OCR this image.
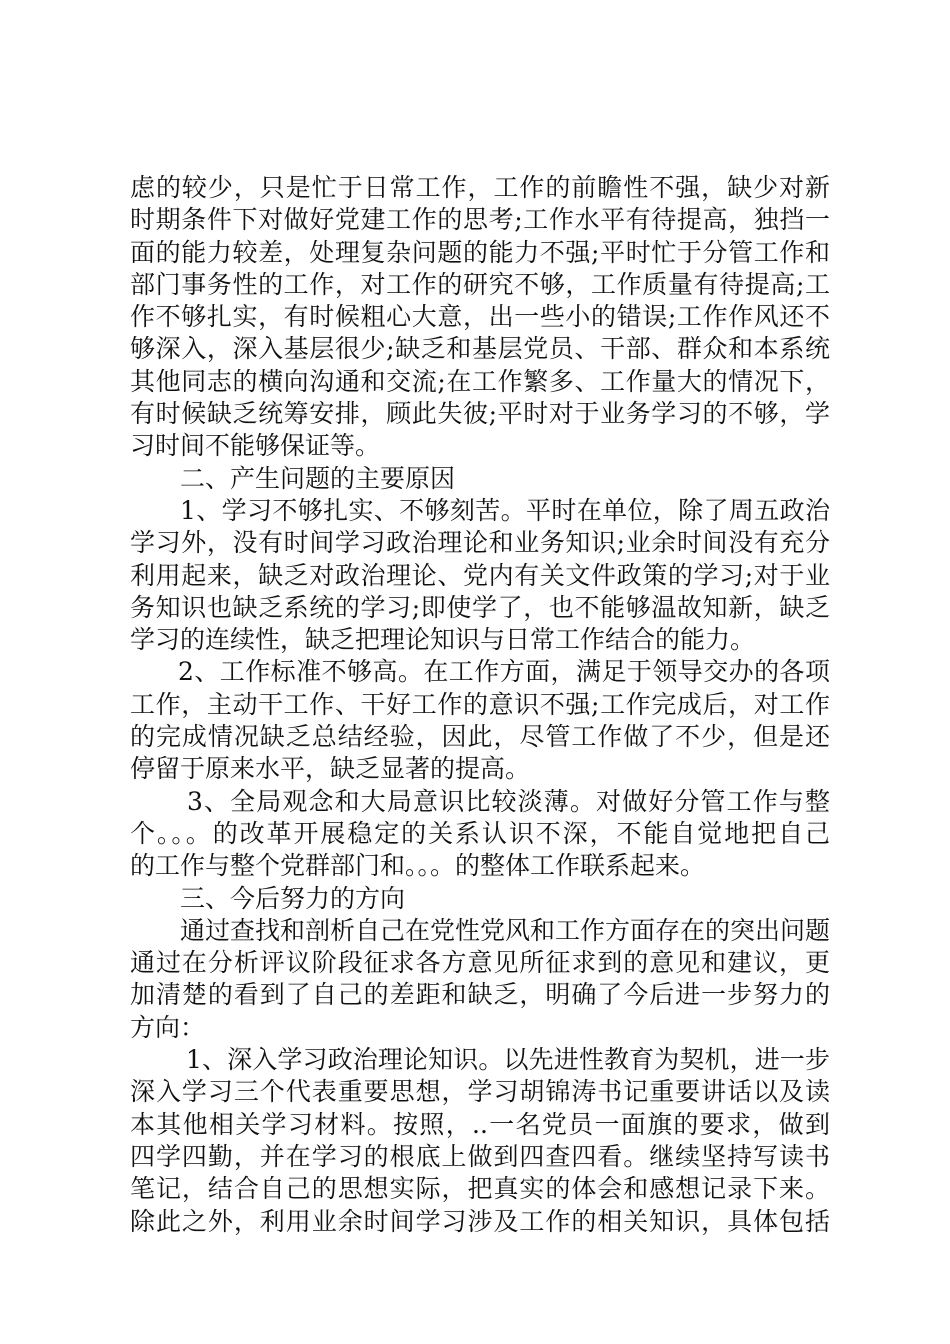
虑的较少，只是忙于日常工作，工作的前瞻性不强，缺少对新
时期条件下对做好党建工作的思考;工作水平有待提高，独挡一
面的能力较差，处理复杂问题的能力不强;平时忙于分管工作和
部门事务性的工作，对工作的研究不够，工作质量有待提高;工
作不够扎实，有时候粗心大意，出一些小的错误;工作作风还不
够深入，深入基层很少;缺乏和基层党员、干部、群众和本系统
其他同志的横向沟通和交流;在工作繁多、工作量大的情况下，
有时候缺乏统筹安排，顾此失彼;平时对于业务学习的不够，学
习时间不能够保证等。
二、产生问题的主要原因
1、学习不够扎实、不够刻苦。平时在单位，除了周五政治
学习外，没有时间学习政治理论和业务知识;业余时间没有充分
利用起来，缺乏对政治理论、党内有关文件政策的学习;对于业
务知识也缺乏系统的学习;即使学了，也不能够温故知新，缺乏
学习的连续性，缺乏把理论知识与日常工作结合的能力。
2、工作标准不够高。在工作方面，满足于领导交办的各项
工作，主动干工作、干好工作的意识不强;工作完成后，对工作
的完成情况缺乏总结经验，因此，尽管工作做了不少，但是还
停留于原来水平，缺乏显著的提高。
3、全局观念和大局意识比较淡薄。对做好分管工作与整
个。。。的改革开展稳定的关系认识不深，不能自觉地把自己
的工作与整个党群部门和。。。的整体工作联系起来。
三、今后努力的方向
通过查找和剖析自己在党性党风和工作方面存在的突出问题
通过在分析评议阶段征求各方意见所征求到的意见和建议，更
加清楚的看到了自己的差距和缺乏，明确了今后进一步努力的
方向：
1、深入学习政治理论知识。以先进性教育为契机，进一步
深入学习三个代表重要思想，学习胡锦涛书记重要讲话以及读
本其他相关学习材料。按照，..一名党员一面旗的要求，做到
四学四勤，并在学习的根底上做到四查四看。继续坚持写读书
笔记，结合自己的思想实际，把真实的体会和感想记录下来。
除此之外，利用业余时间学习涉及工作的相关知识，具体包括
